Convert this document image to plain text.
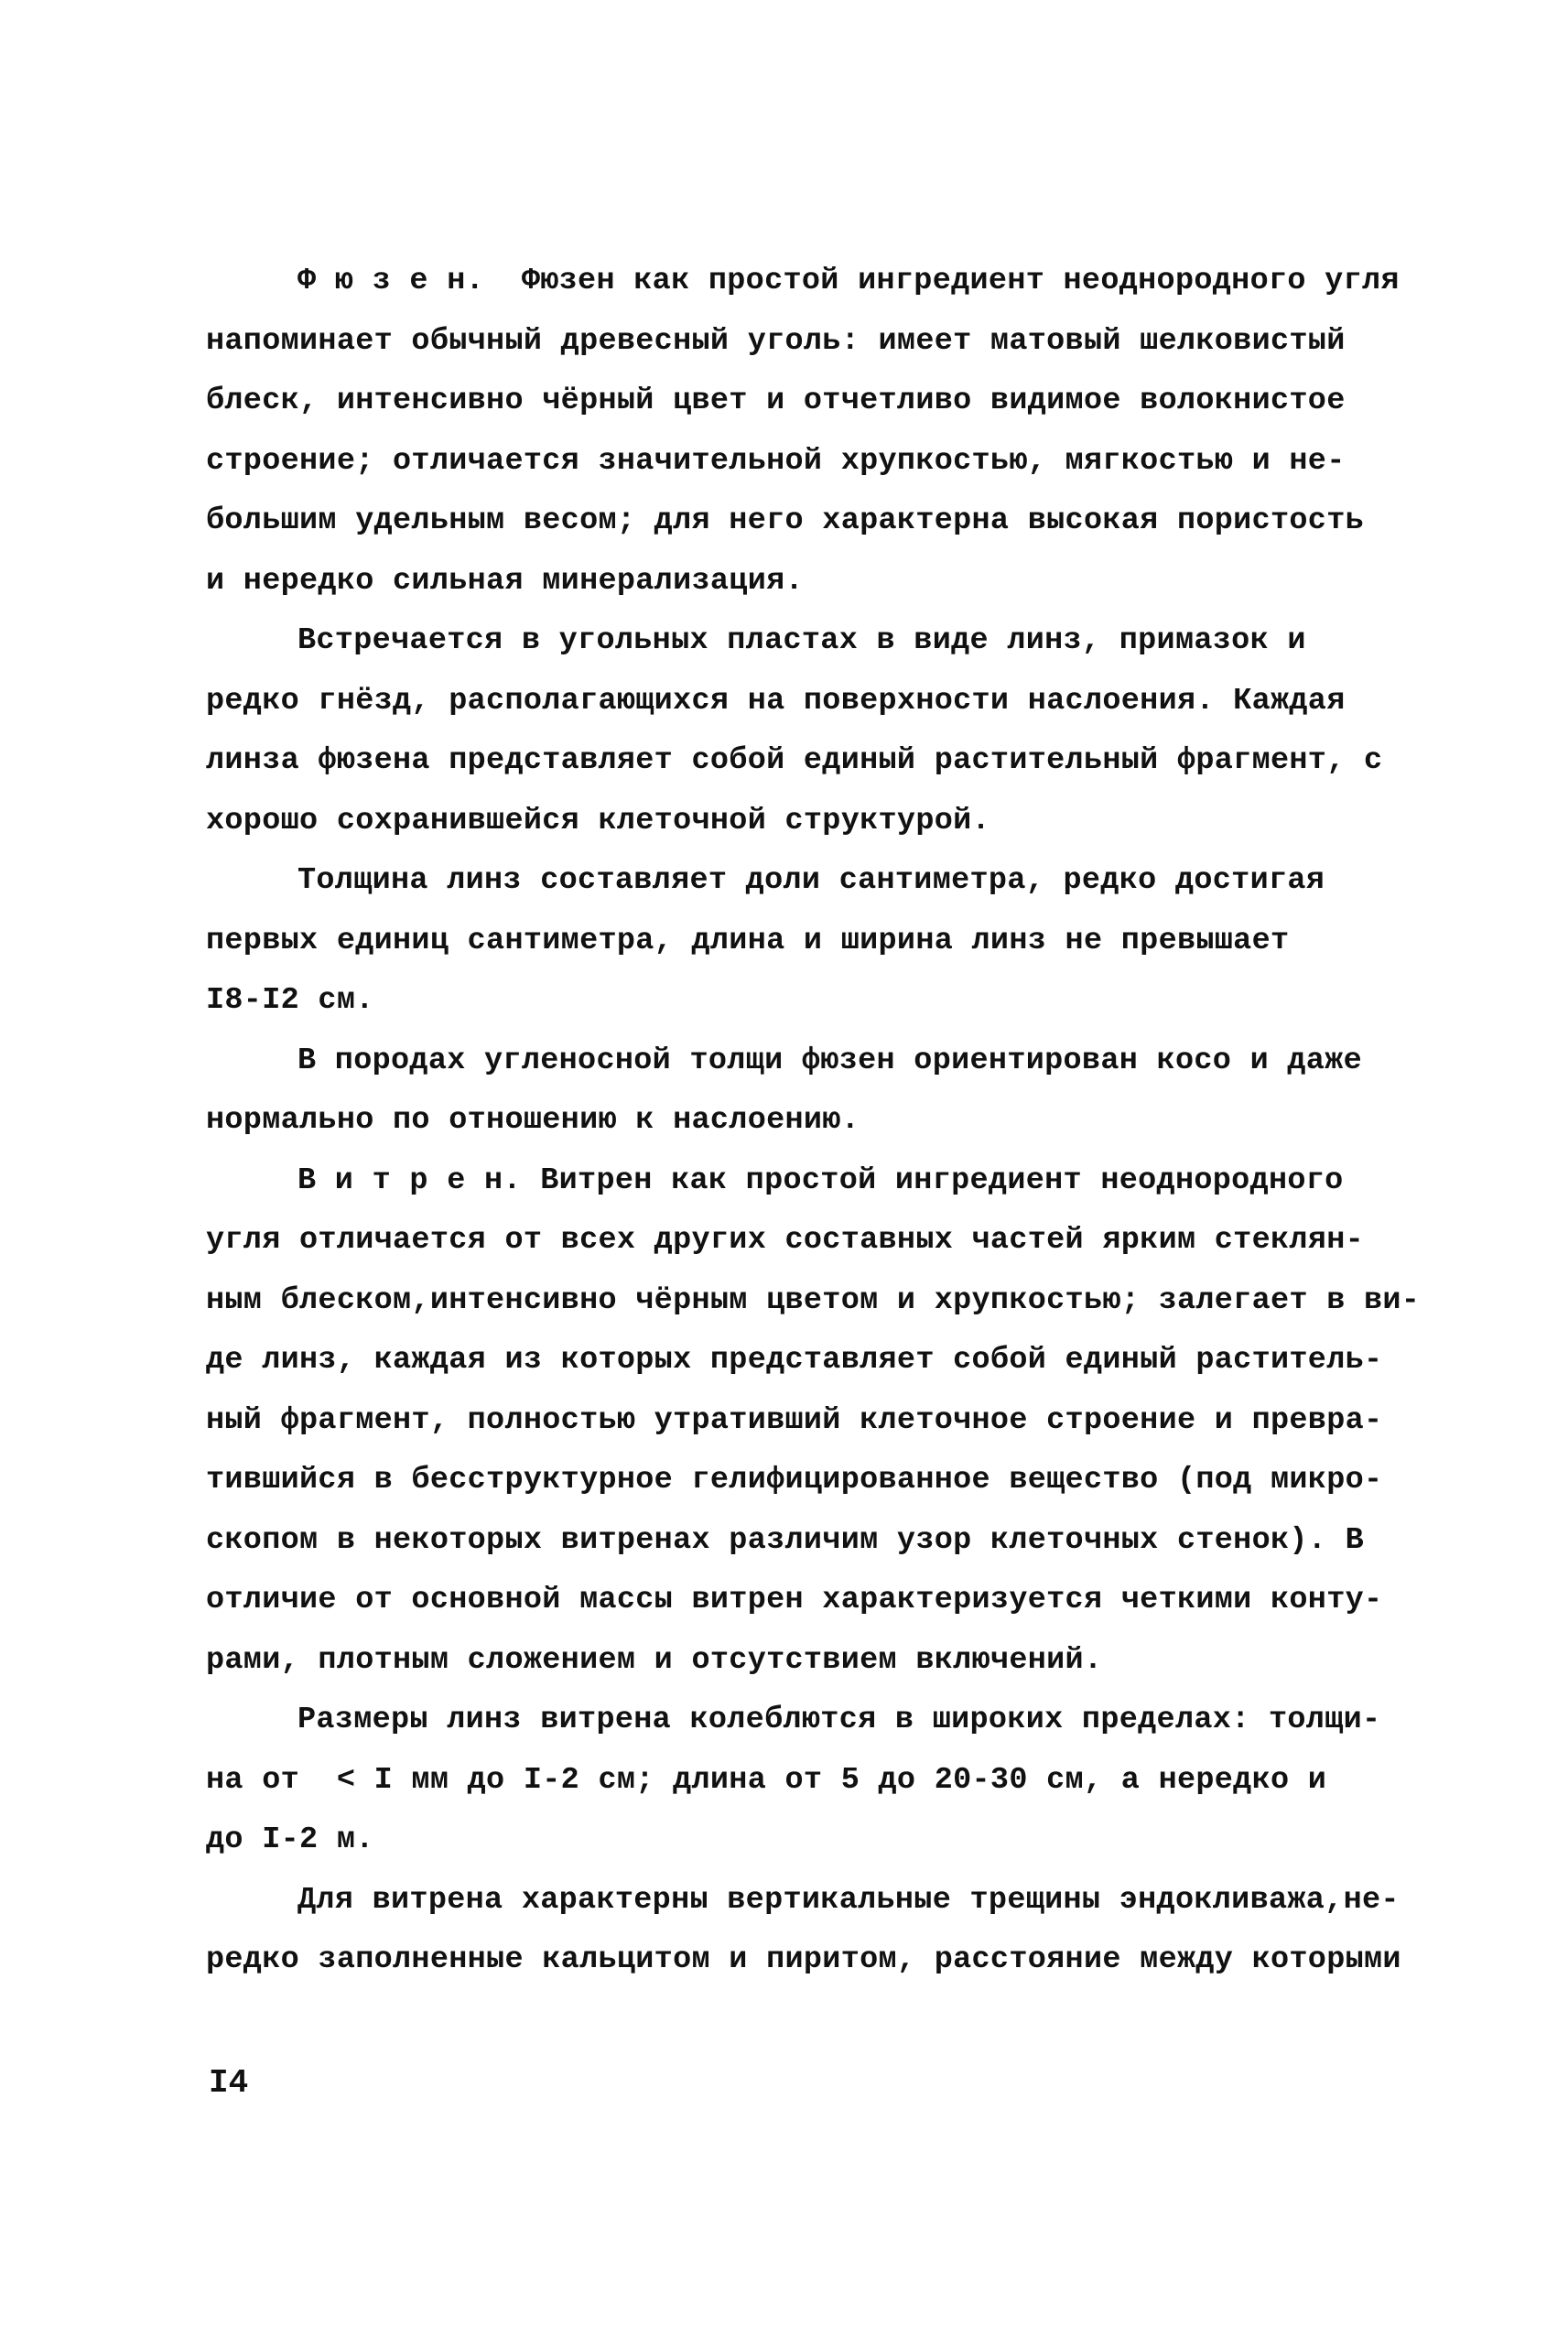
Ф ю з е н.  Фюзен как простой ингредиент неоднородного угля
напоминает обычный древесный уголь: имеет матовый шелковистый
блеск, интенсивно чёрный цвет и отчетливо видимое волокнистое
строение; отличается значительной хрупкостью, мягкостью и не-
большим удельным весом; для него характерна высокая пористость
и нередко сильная минерализация.
Встречается в угольных пластах в виде линз, примазок и
редко гнёзд, располагающихся на поверхности наслоения. Каждая
линза фюзена представляет собой единый растительный фрагмент, с
хорошо сохранившейся клеточной структурой.
Толщина линз составляет доли сантиметра, редко достигая
первых единиц сантиметра, длина и ширина линз не превышает
I8-I2 см.
В породах угленосной толщи фюзен ориентирован косо и даже
нормально по отношению к наслоению.
В и т р е н. Витрен как простой ингредиент неоднородного
угля отличается от всех других составных частей ярким стеклян-
ным блеском,интенсивно чёрным цветом и хрупкостью; залегает в ви-
де линз, каждая из которых представляет собой единый раститель-
ный фрагмент, полностью утративший клеточное строение и превра-
тившийся в бесструктурное гелифицированное вещество (под микро-
скопом в некоторых витренах различим узор клеточных стенок). В
отличие от основной массы витрен характеризуется четкими конту-
рами, плотным сложением и отсутствием включений.
Размеры линз витрена колеблются в широких пределах: толщи-
на от  < I мм до I-2 см; длина от 5 до 20-30 см, а нередко и
до I-2 м.
Для витрена характерны вертикальные трещины эндокливажа,не-
редко заполненные кальцитом и пиритом, расстояние между которыми
I4
